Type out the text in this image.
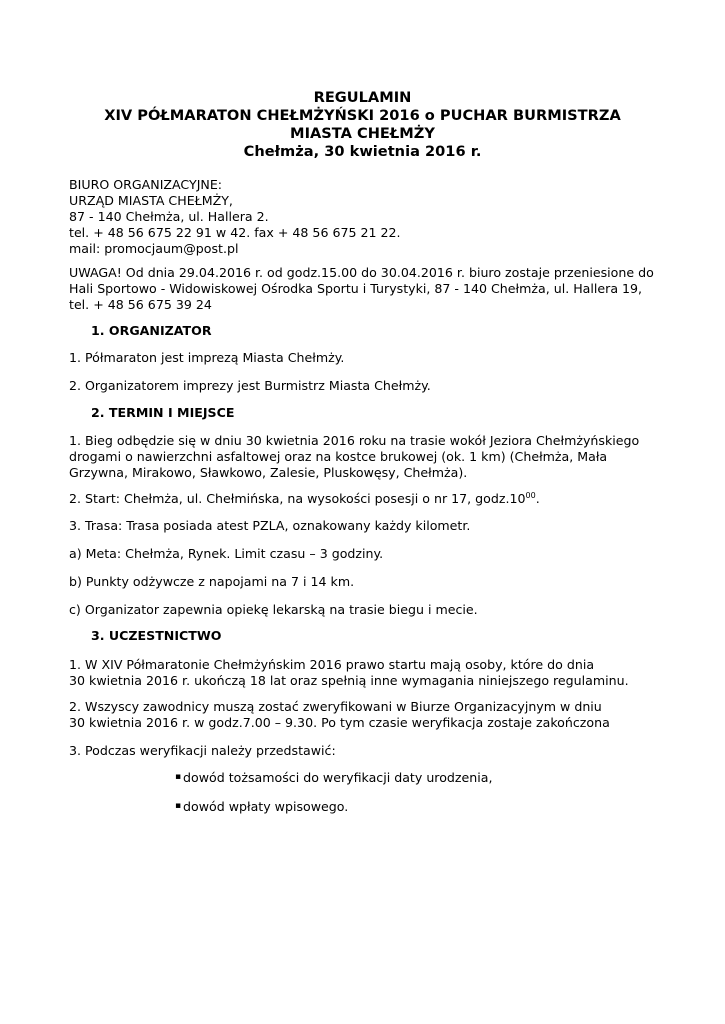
REGULAMIN
XIV PÓŁMARATON CHEŁMŻYŃSKI 2016 o PUCHAR BURMISTRZA
MIASTA CHEŁMŻY
Chełmża, 30 kwietnia 2016 r.
BIURO ORGANIZACYJNE:
URZĄD MIASTA CHEŁMŻY,
87 - 140 Chełmża, ul. Hallera 2.
tel. + 48 56 675 22 91 w 42. fax + 48 56 675 21 22.
mail: promocjaum@post.pl
UWAGA! Od dnia 29.04.2016 r. od godz.15.00 do 30.04.2016 r. biuro zostaje przeniesione do
Hali Sportowo - Widowiskowej Ośrodka Sportu i Turystyki, 87 - 140 Chełmża, ul. Hallera 19,
tel. + 48 56 675 39 24
1. ORGANIZATOR
1. Półmaraton jest imprezą Miasta Chełmży.
2. Organizatorem imprezy jest Burmistrz Miasta Chełmży.
2. TERMIN I MIEJSCE
1. Bieg odbędzie się w dniu 30 kwietnia 2016 roku na trasie wokół Jeziora Chełmżyńskiego
drogami o nawierzchni asfaltowej oraz na kostce brukowej (ok. 1 km) (Chełmża, Mała
Grzywna, Mirakowo, Sławkowo, Zalesie, Pluskowęsy, Chełmża).
2. Start: Chełmża, ul. Chełmińska, na wysokości posesji o nr 17, $godz.10^{00}$.
3. Trasa: Trasa posiada atest PZLA, oznakowany każdy kilometr.
a) Meta: Chełmża, Rynek. Limit czasu – 3 godziny.
b) Punkty odżywcze z napojami na 7 i 14 km.
c) Organizator zapewnia opiekę lekarską na trasie biegu i mecie.
3. UCZESTNICTWO
1. W XIV Półmaratonie Chełmżyńskim 2016 prawo startu mają osoby, które do dnia
30 kwietnia 2016 r. ukończą 18 lat oraz spełnią inne wymagania niniejszego regulaminu.
2. Wszyscy zawodnicy muszą zostać zweryfikowani w Biurze Organizacyjnym w dniu
30 kwietnia 2016 r. w godz.7.00 – 9.30. Po tym czasie weryfikacja zostaje zakończona
3. Podczas weryfikacji należy przedstawić:
▪ dowód tożsamości do weryfikacji daty urodzenia,
▪ dowód wpłaty wpisowego.
